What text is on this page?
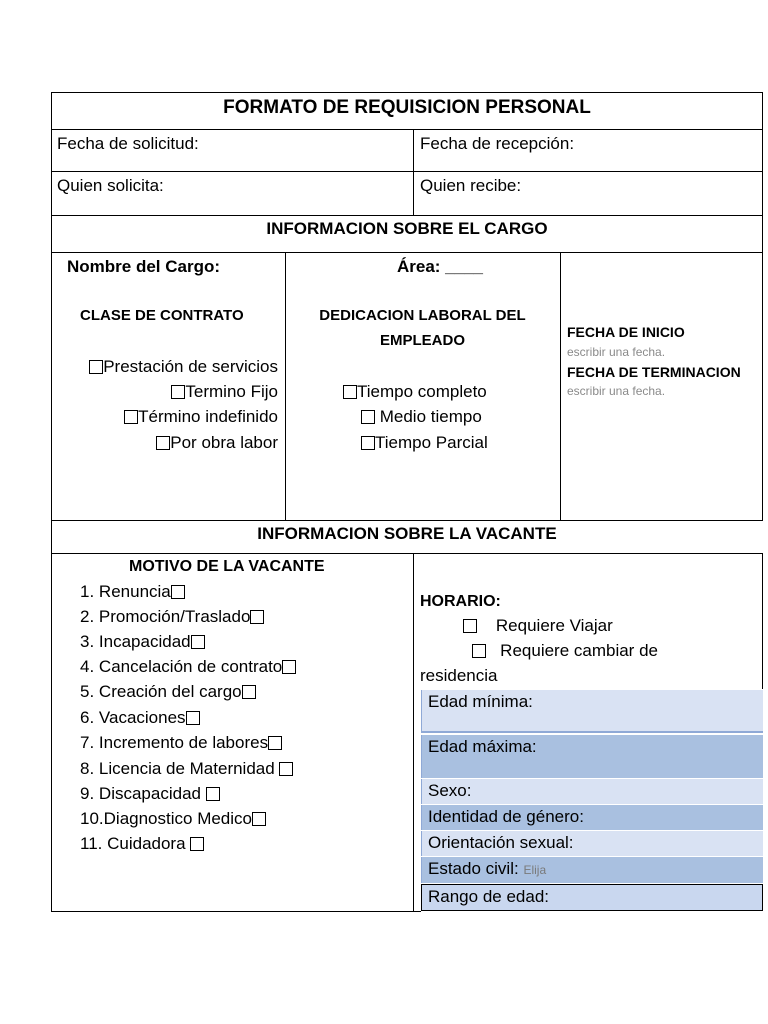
FORMATO DE REQUISICION PERSONAL
Fecha de solicitud:	Fecha de recepción:
Quien solicita:	Quien recibe:
INFORMACION SOBRE EL CARGO
Nombre del Cargo:	Área: ____
CLASE DE CONTRATO
Prestación de servicios
Termino Fijo
Término indefinido
Por obra labor
DEDICACION LABORAL DEL
EMPLEADO
Tiempo completo
Medio tiempo
Tiempo Parcial
FECHA DE INICIO
escribir una fecha.
FECHA DE TERMINACION
escribir una fecha.
INFORMACION SOBRE LA VACANTE
MOTIVO DE LA VACANTE
1. Renuncia
2. Promoción/Traslado
3. Incapacidad
4. Cancelación de contrato
5. Creación del cargo
6. Vacaciones
7. Incremento de labores
8. Licencia de Maternidad
9. Discapacidad
10.Diagnostico Medico
11. Cuidadora
HORARIO:
Requiere Viajar
Requiere cambiar de
residencia
Edad mínima:
Edad máxima:
Sexo:
Identidad de género:
Orientación sexual:
Estado civil: Elija
Rango de edad:
